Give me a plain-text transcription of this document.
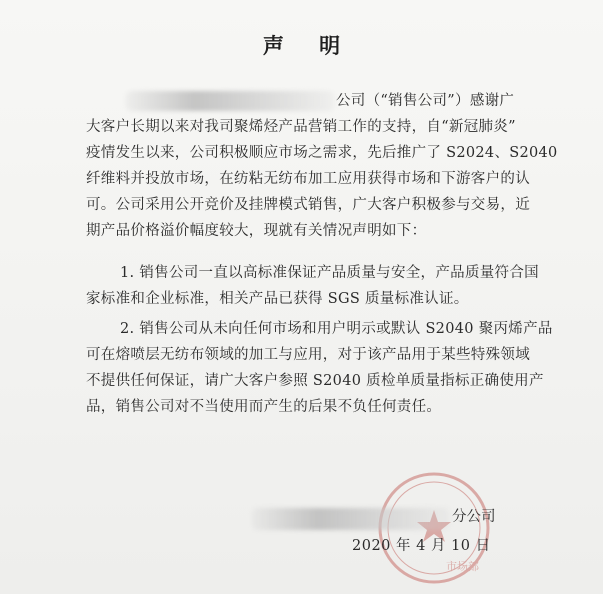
声 明
公司（“销售公司”）感谢广
大客户长期以来对我司聚烯烃产品营销工作的支持，自“新冠肺炎”
疫情发生以来，公司积极顺应市场之需求，先后推广了 S2024、S2040
纤维料并投放市场，在纺粘无纺布加工应用获得市场和下游客户的认
可。公司采用公开竞价及挂牌模式销售，广大客户积极参与交易，近
期产品价格溢价幅度较大，现就有关情况声明如下：
1. 销售公司一直以高标准保证产品质量与安全，产品质量符合国
家标准和企业标准，相关产品已获得 SGS 质量标准认证。
2. 销售公司从未向任何市场和用户明示或默认 S2040 聚丙烯产品
可在熔喷层无纺布领域的加工与应用，对于该产品用于某些特殊领域
不提供任何保证，请广大客户参照 S2040 质检单质量指标正确使用产
品，销售公司对不当使用而产生的后果不负任何责任。
市场部
分公司
2020 年 4 月 10 日
